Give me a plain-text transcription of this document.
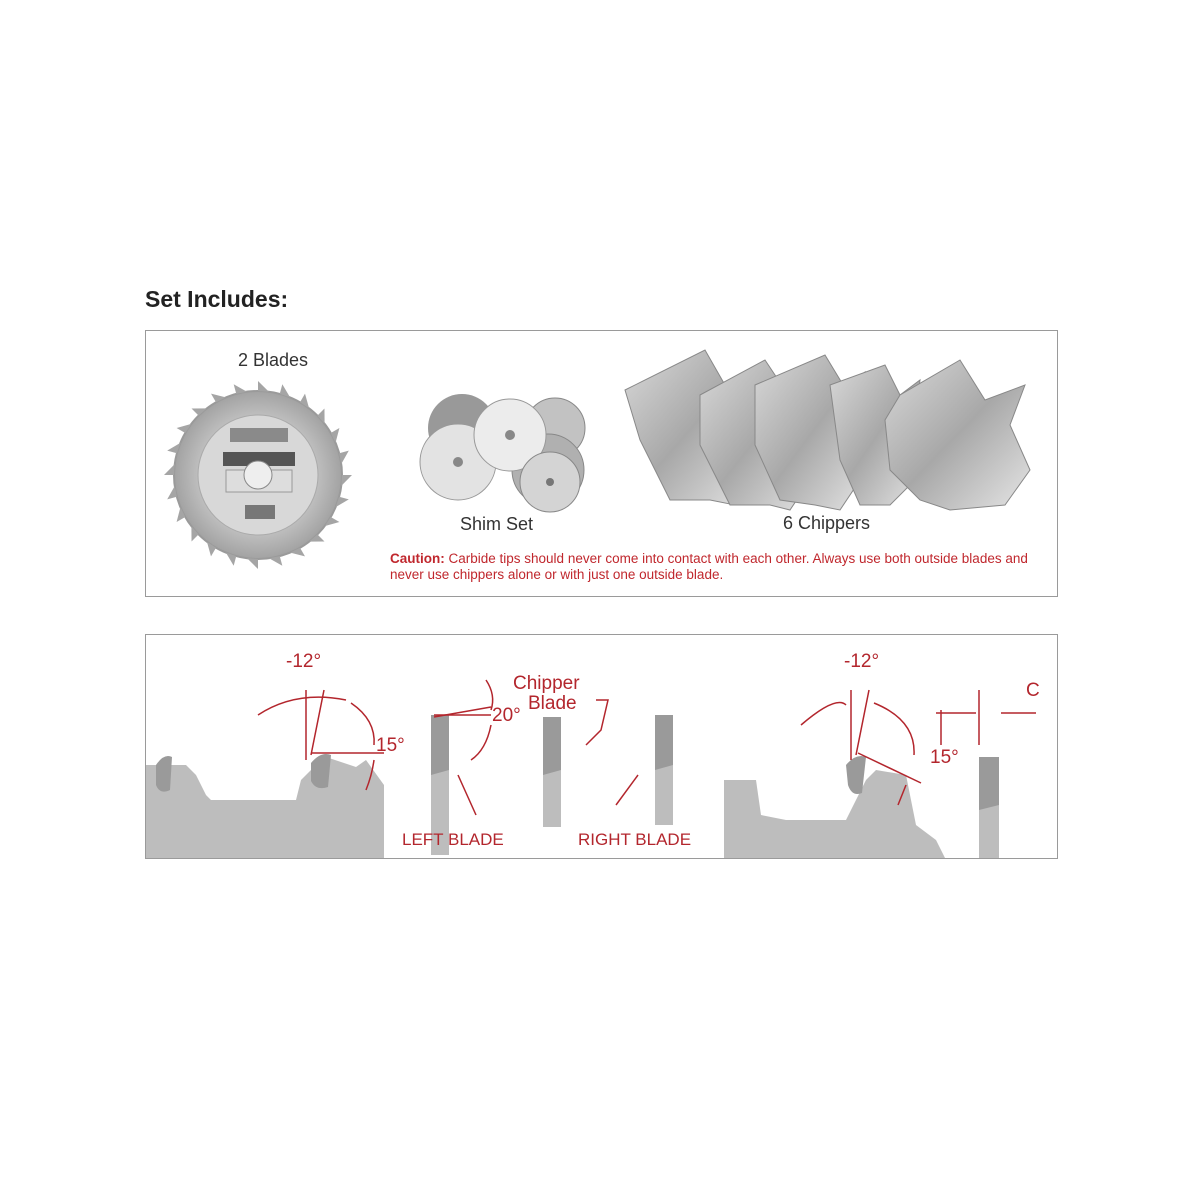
Set Includes:
2 Blades
Shim Set	6 Chippers
Caution: Carbide tips should never come into contact with each other. Always use both outside blades and never use chippers alone or with just one outside blade.
-12°
15°
20°
Chipper
Blade
LEFT BLADE	RIGHT BLADE
-12°
15°
C
